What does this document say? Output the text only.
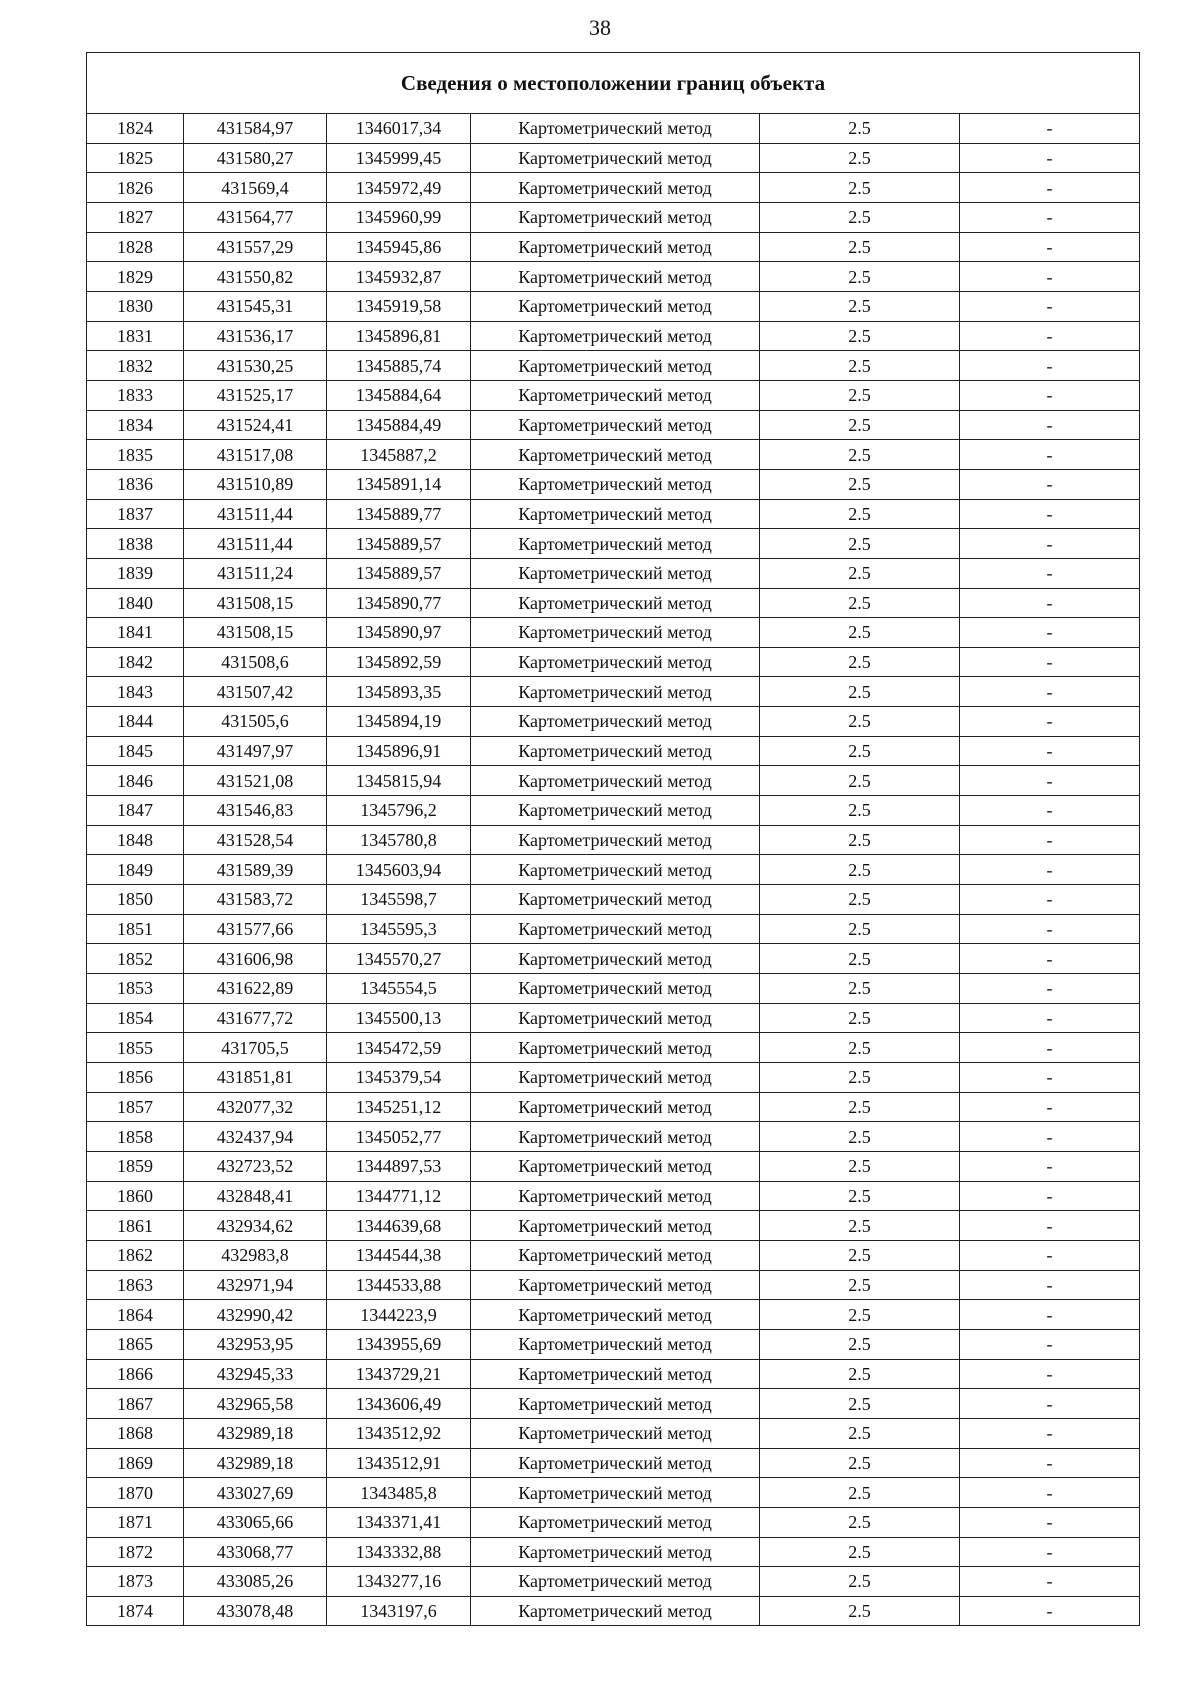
38
Сведения о местоположении границ объекта					
1824	431584,97	1346017,34	Картометрический метод	2.5	-
1825	431580,27	1345999,45	Картометрический метод	2.5	-
1826	431569,4	1345972,49	Картометрический метод	2.5	-
1827	431564,77	1345960,99	Картометрический метод	2.5	-
1828	431557,29	1345945,86	Картометрический метод	2.5	-
1829	431550,82	1345932,87	Картометрический метод	2.5	-
1830	431545,31	1345919,58	Картометрический метод	2.5	-
1831	431536,17	1345896,81	Картометрический метод	2.5	-
1832	431530,25	1345885,74	Картометрический метод	2.5	-
1833	431525,17	1345884,64	Картометрический метод	2.5	-
1834	431524,41	1345884,49	Картометрический метод	2.5	-
1835	431517,08	1345887,2	Картометрический метод	2.5	-
1836	431510,89	1345891,14	Картометрический метод	2.5	-
1837	431511,44	1345889,77	Картометрический метод	2.5	-
1838	431511,44	1345889,57	Картометрический метод	2.5	-
1839	431511,24	1345889,57	Картометрический метод	2.5	-
1840	431508,15	1345890,77	Картометрический метод	2.5	-
1841	431508,15	1345890,97	Картометрический метод	2.5	-
1842	431508,6	1345892,59	Картометрический метод	2.5	-
1843	431507,42	1345893,35	Картометрический метод	2.5	-
1844	431505,6	1345894,19	Картометрический метод	2.5	-
1845	431497,97	1345896,91	Картометрический метод	2.5	-
1846	431521,08	1345815,94	Картометрический метод	2.5	-
1847	431546,83	1345796,2	Картометрический метод	2.5	-
1848	431528,54	1345780,8	Картометрический метод	2.5	-
1849	431589,39	1345603,94	Картометрический метод	2.5	-
1850	431583,72	1345598,7	Картометрический метод	2.5	-
1851	431577,66	1345595,3	Картометрический метод	2.5	-
1852	431606,98	1345570,27	Картометрический метод	2.5	-
1853	431622,89	1345554,5	Картометрический метод	2.5	-
1854	431677,72	1345500,13	Картометрический метод	2.5	-
1855	431705,5	1345472,59	Картометрический метод	2.5	-
1856	431851,81	1345379,54	Картометрический метод	2.5	-
1857	432077,32	1345251,12	Картометрический метод	2.5	-
1858	432437,94	1345052,77	Картометрический метод	2.5	-
1859	432723,52	1344897,53	Картометрический метод	2.5	-
1860	432848,41	1344771,12	Картометрический метод	2.5	-
1861	432934,62	1344639,68	Картометрический метод	2.5	-
1862	432983,8	1344544,38	Картометрический метод	2.5	-
1863	432971,94	1344533,88	Картометрический метод	2.5	-
1864	432990,42	1344223,9	Картометрический метод	2.5	-
1865	432953,95	1343955,69	Картометрический метод	2.5	-
1866	432945,33	1343729,21	Картометрический метод	2.5	-
1867	432965,58	1343606,49	Картометрический метод	2.5	-
1868	432989,18	1343512,92	Картометрический метод	2.5	-
1869	432989,18	1343512,91	Картометрический метод	2.5	-
1870	433027,69	1343485,8	Картометрический метод	2.5	-
1871	433065,66	1343371,41	Картометрический метод	2.5	-
1872	433068,77	1343332,88	Картометрический метод	2.5	-
1873	433085,26	1343277,16	Картометрический метод	2.5	-
1874	433078,48	1343197,6	Картометрический метод	2.5	-
